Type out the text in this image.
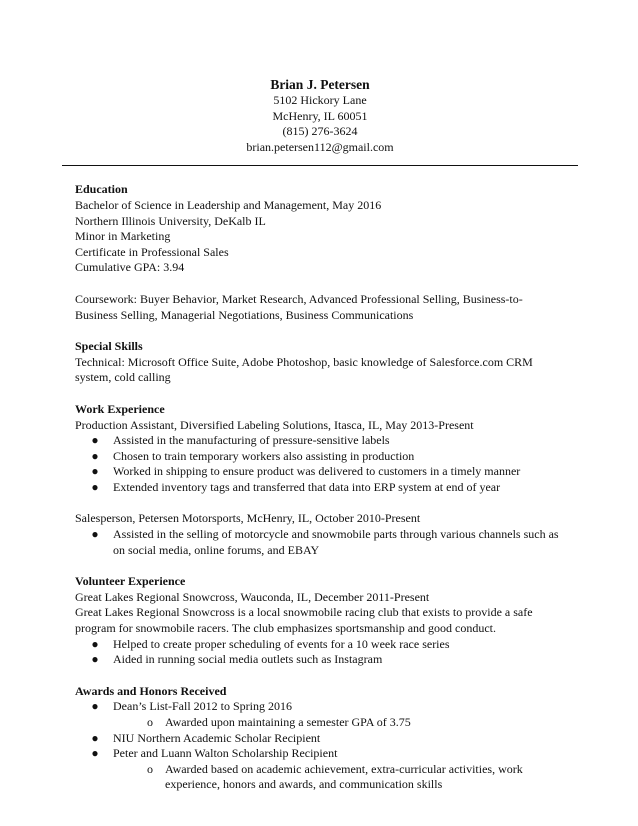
Brian J. Petersen
5102 Hickory Lane
McHenry, IL 60051
(815) 276-3624
brian.petersen112@gmail.com
Education
Bachelor of Science in Leadership and Management, May 2016
Northern Illinois University, DeKalb IL
Minor in Marketing
Certificate in Professional Sales
Cumulative GPA: 3.94
Coursework: Buyer Behavior, Market Research, Advanced Professional Selling, Business-to-Business Selling, Managerial Negotiations, Business Communications
Special Skills
Technical: Microsoft Office Suite, Adobe Photoshop, basic knowledge of Salesforce.com CRM system, cold calling
Work Experience
Production Assistant, Diversified Labeling Solutions, Itasca, IL, May 2013-Present
● Assisted in the manufacturing of pressure-sensitive labels
● Chosen to train temporary workers also assisting in production
● Worked in shipping to ensure product was delivered to customers in a timely manner
● Extended inventory tags and transferred that data into ERP system at end of year
Salesperson, Petersen Motorsports, McHenry, IL, October 2010-Present
● Assisted in the selling of motorcycle and snowmobile parts through various channels such as on social media, online forums, and EBAY
Volunteer Experience
Great Lakes Regional Snowcross, Wauconda, IL, December 2011-Present
Great Lakes Regional Snowcross is a local snowmobile racing club that exists to provide a safe program for snowmobile racers. The club emphasizes sportsmanship and good conduct.
● Helped to create proper scheduling of events for a 10 week race series
● Aided in running social media outlets such as Instagram
Awards and Honors Received
● Dean’s List-Fall 2012 to Spring 2016
o Awarded upon maintaining a semester GPA of 3.75
● NIU Northern Academic Scholar Recipient
● Peter and Luann Walton Scholarship Recipient
o Awarded based on academic achievement, extra-curricular activities, work experience, honors and awards, and communication skills
